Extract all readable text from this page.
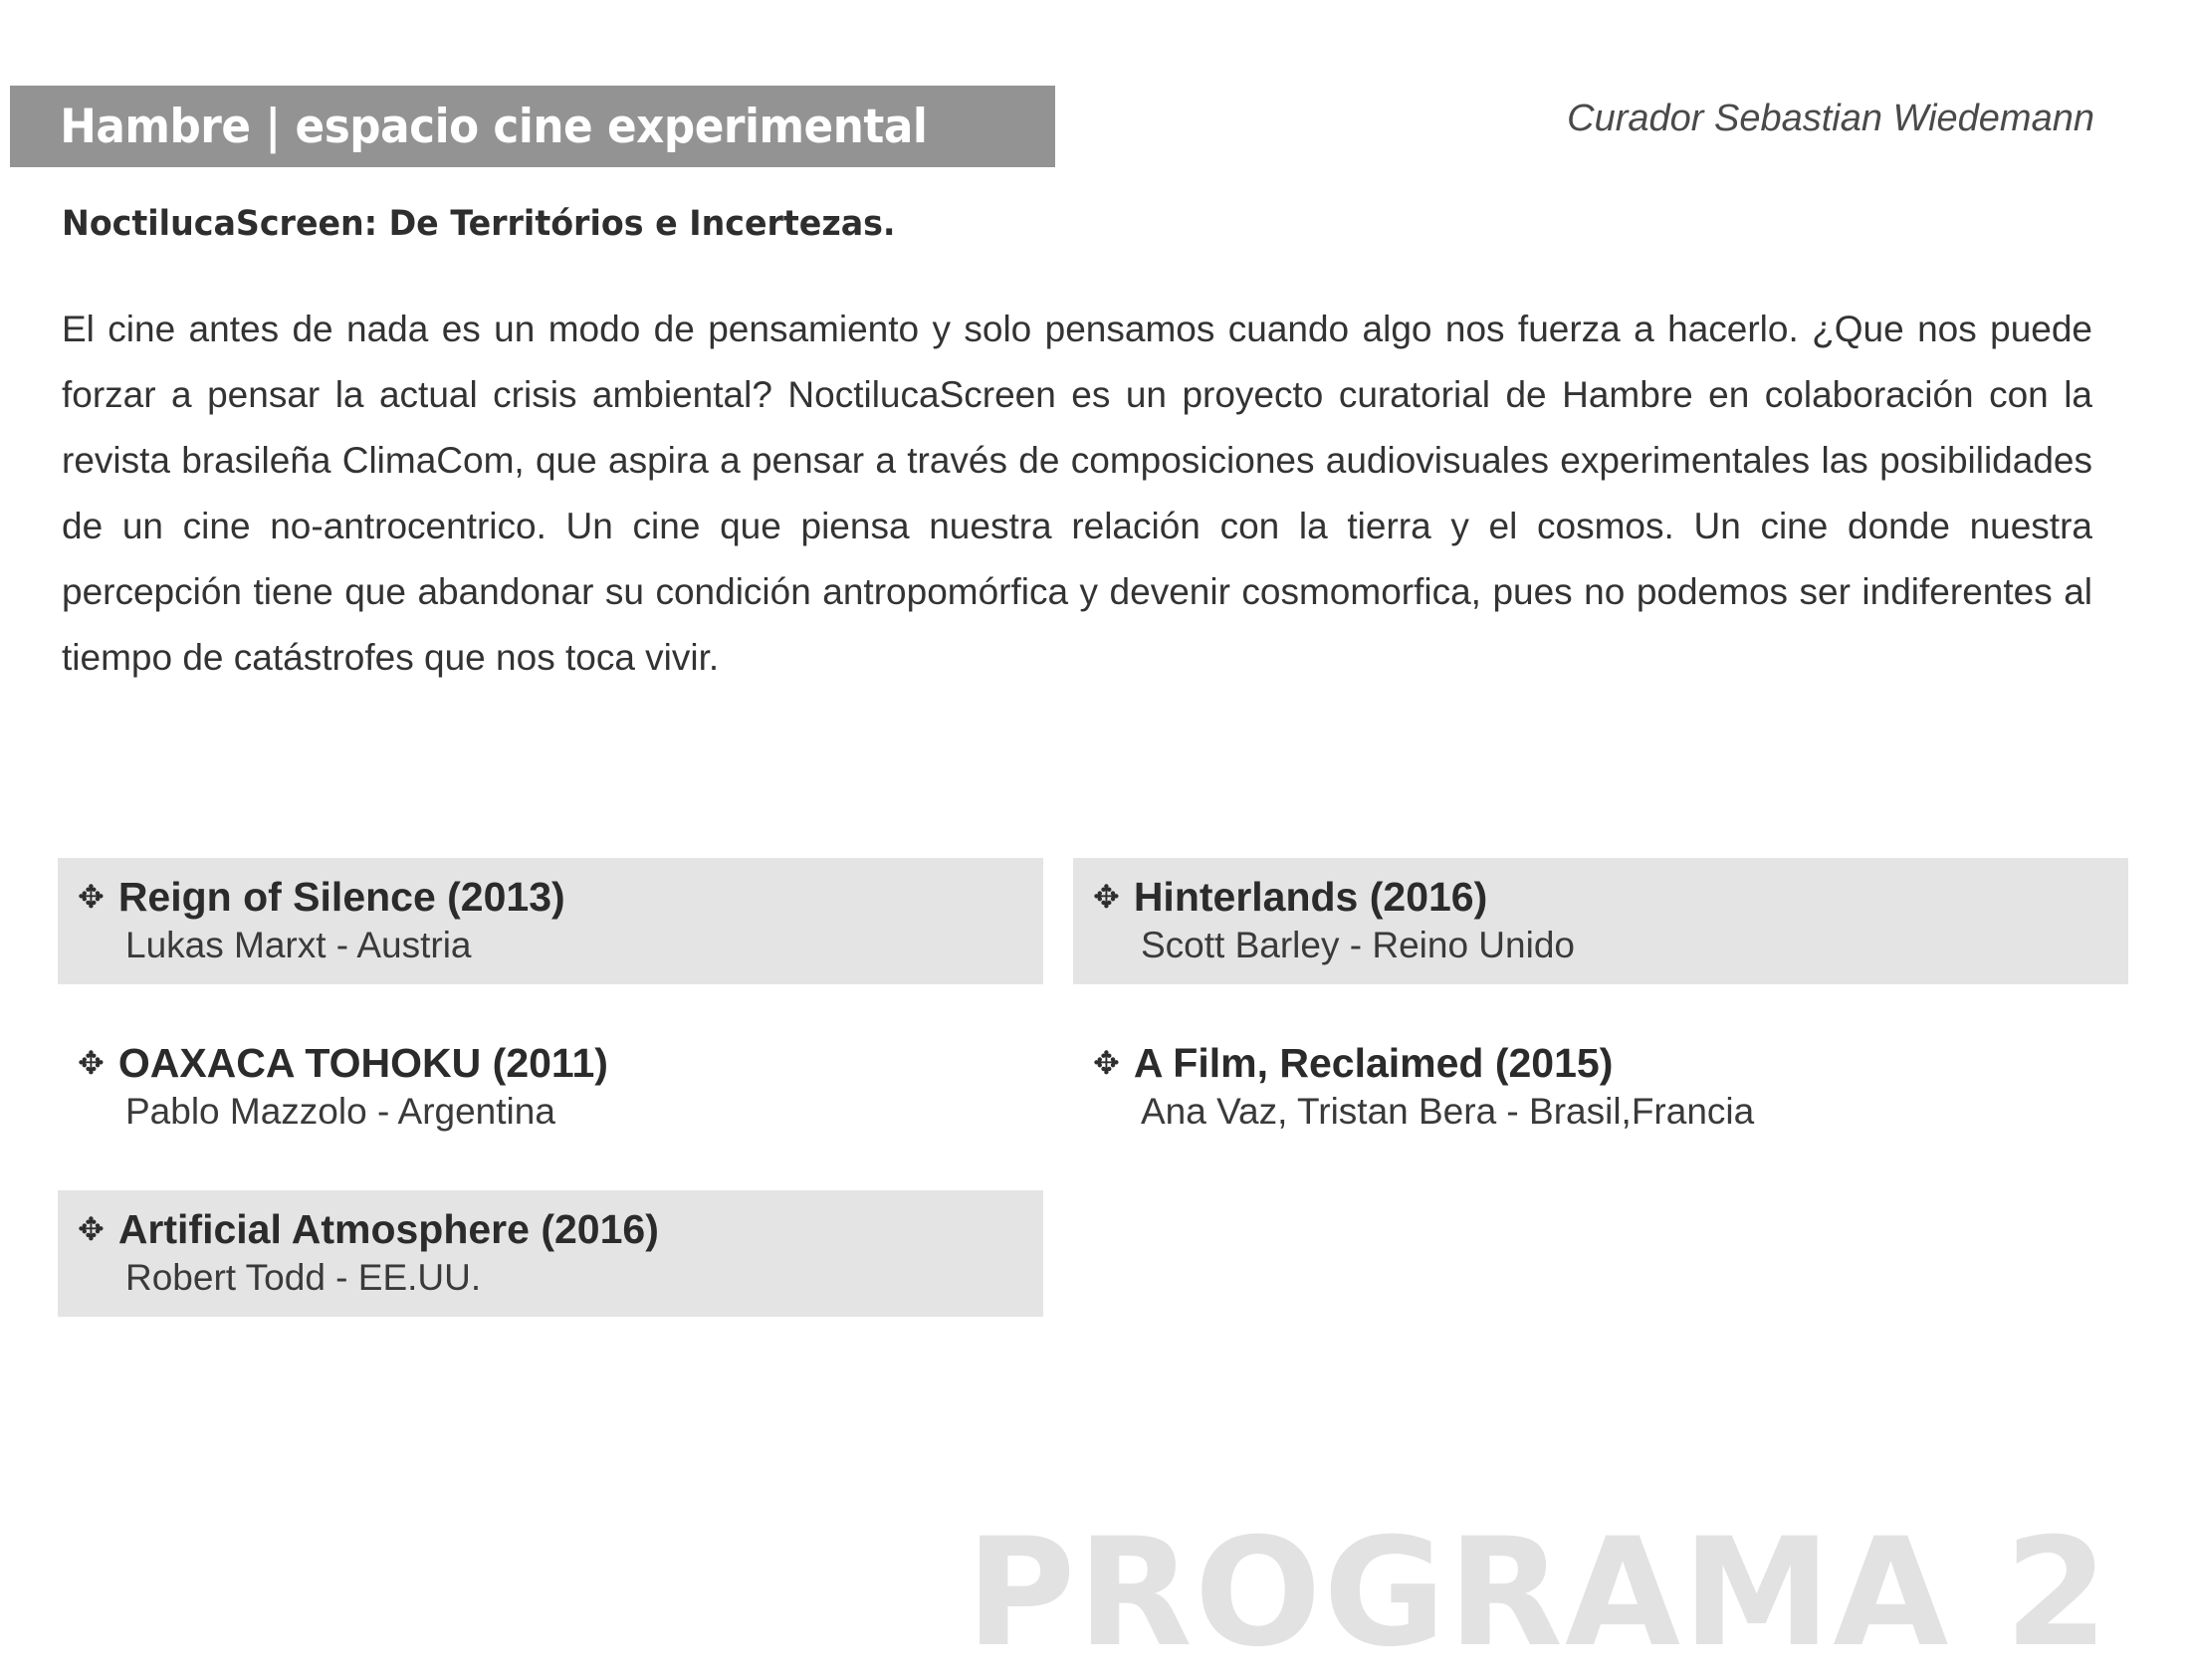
Hambre | espacio cine experimental	Curador Sebastian Wiedemann
NoctilucaScreen: De Territórios e Incertezas.
El cine antes de nada es un modo de pensamiento y solo pensamos cuando algo nos fuerza a hacerlo. ¿Que nos puede forzar a pensar la actual crisis ambiental? NoctilucaScreen es un proyecto curatorial de Hambre en colaboración con la revista brasileña ClimaCom, que aspira a pensar a través de composiciones audiovisuales experimentales las posibilidades de un cine no-antrocentrico. Un cine que piensa nuestra relación con la tierra y el cosmos. Un cine donde nuestra percepción tiene que abandonar su condición antropomórfica y devenir cosmomorfica, pues no podemos ser indiferentes al tiempo de catástrofes que nos toca vivir.
✥ Reign of Silence (2013)
Lukas Marxt - Austria
✥ OAXACA TOHOKU (2011)
Pablo Mazzolo - Argentina
✥ Artificial Atmosphere (2016)
Robert Todd - EE.UU.
✥ Hinterlands (2016)
Scott Barley - Reino Unido
✥ A Film, Reclaimed (2015)
Ana Vaz, Tristan Bera - Brasil,Francia
PROGRAMA 2
